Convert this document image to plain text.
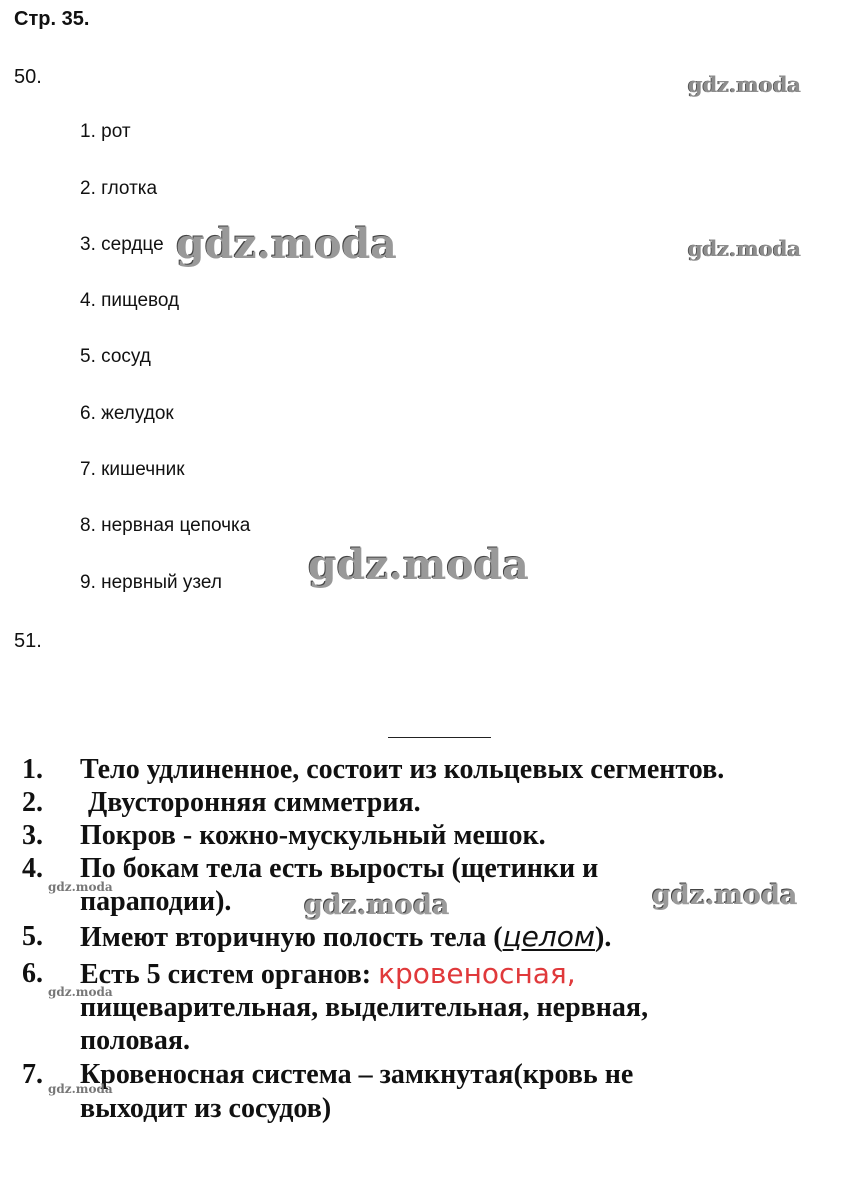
Стр. 35.
50.
1. рот
2. глотка
3. сердце
4. пищевод
5. сосуд
6. желудок
7. кишечник
8. нервная цепочка
9. нервный узел
51.
1. Тело удлиненное, состоит из кольцевых сегментов.
2. Двусторонняя симметрия.
3. Покров - кожно-мускульный мешок.
4. По бокам тела есть выросты (щетинки и
параподии).
5. Имеют вторичную полость тела (целом).
6. Есть 5 систем органов: кровеносная,
пищеварительная, выделительная, нервная,
половая.
7. Кровеносная система – замкнутая(кровь не
выходит из сосудов)
gdz.moda
gdz.moda	gdz.moda
gdz.moda
gdz.moda
gdz.moda	gdz.moda
gdz.moda
gdz.moda
